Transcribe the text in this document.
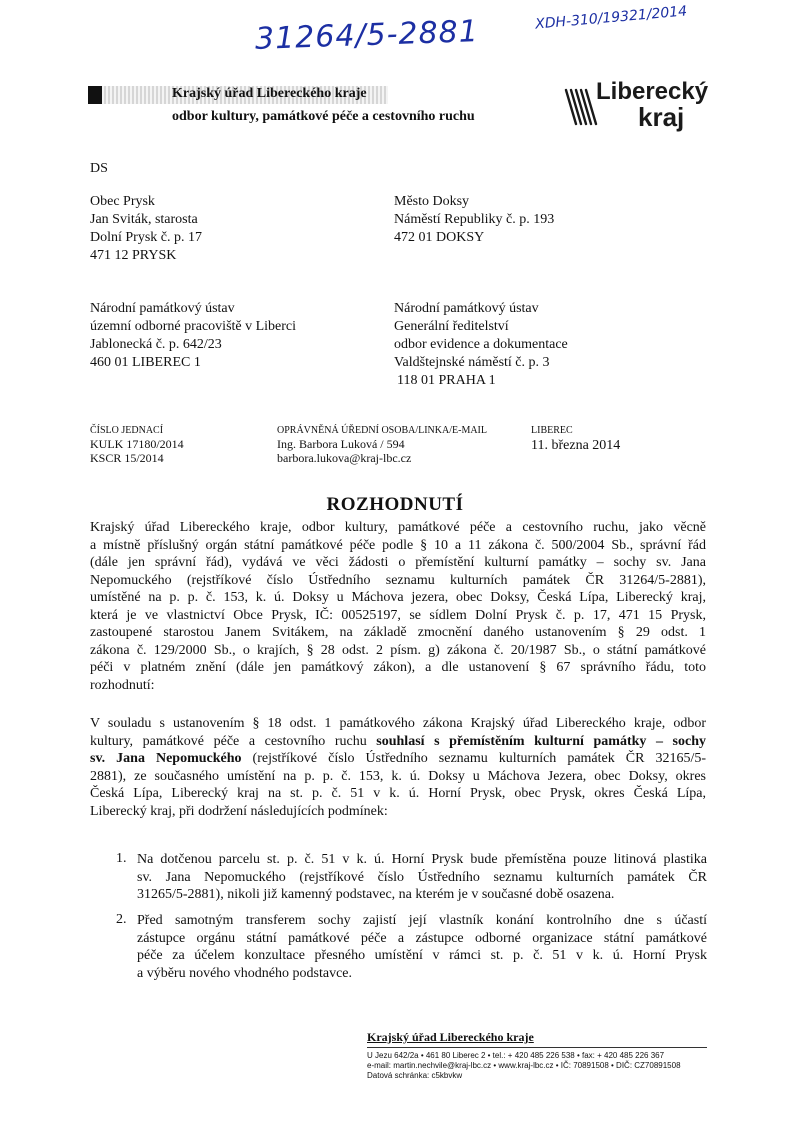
31264/5-2881	XDH-310/19321/2014
Krajský úřad Libereckého kraje
odbor kultury, památkové péče a cestovního ruchu
Liberecký
kraj
DS
Obec Prysk
Jan Sviták, starosta
Dolní Prysk č. p. 17
471 12 PRYSK
Město Doksy
Náměstí Republiky č. p. 193
472 01 DOKSY
Národní památkový ústav
územní odborné pracoviště v Liberci
Jablonecká č. p. 642/23
460 01 LIBEREC 1
Národní památkový ústav
Generální ředitelství
odbor evidence a dokumentace
Valdštejnské náměstí č. p. 3
118 01 PRAHA 1
ČÍSLO JEDNACÍ
KULK 17180/2014
KSCR 15/2014
OPRÁVNĚNÁ ÚŘEDNÍ OSOBA/LINKA/E-MAIL
Ing. Barbora Luková / 594
barbora.lukova@kraj-lbc.cz
LIBEREC
11. března 2014
ROZHODNUTÍ
Krajský úřad Libereckého kraje, odbor kultury, památkové péče a cestovního ruchu, jako věcně
a místně příslušný orgán státní památkové péče podle § 10 a 11 zákona č. 500/2004 Sb., správní řád
(dále jen správní řád), vydává ve věci žádosti o přemístění kulturní památky – sochy sv. Jana
Nepomuckého (rejstříkové číslo Ústředního seznamu kulturních památek ČR 31264/5-2881),
umístěné na p. p. č. 153, k. ú. Doksy u Máchova jezera, obec Doksy, Česká Lípa, Liberecký kraj,
která je ve vlastnictví Obce Prysk, IČ: 00525197, se sídlem Dolní Prysk č. p. 17, 471 15 Prysk,
zastoupené starostou Janem Svitákem, na základě zmocnění daného ustanovením § 29 odst. 1
zákona č. 129/2000 Sb., o krajích, § 28 odst. 2 písm. g) zákona č. 20/1987 Sb., o státní památkové
péči v platném znění (dále jen památkový zákon), a dle ustanovení § 67 správního řádu, toto
rozhodnutí:
V souladu s ustanovením § 18 odst. 1 památkového zákona Krajský úřad Libereckého kraje, odbor
kultury, památkové péče a cestovního ruchu souhlasí s přemístěním kulturní památky – sochy
sv. Jana Nepomuckého (rejstříkové číslo Ústředního seznamu kulturních památek ČR 32165/5-
2881), ze současného umístění na p. p. č. 153, k. ú. Doksy u Máchova Jezera, obec Doksy, okres
Česká Lípa, Liberecký kraj na st. p. č. 51 v k. ú. Horní Prysk, obec Prysk, okres Česká Lípa,
Liberecký kraj, při dodržení následujících podmínek:
1. Na dotčenou parcelu st. p. č. 51 v k. ú. Horní Prysk bude přemístěna pouze litinová plastika
sv. Jana Nepomuckého (rejstříkové číslo Ústředního seznamu kulturních památek ČR
31265/5-2881), nikoli již kamenný podstavec, na kterém je v současné době osazena.
2. Před samotným transferem sochy zajistí její vlastník konání kontrolního dne s účastí
zástupce orgánu státní památkové péče a zástupce odborné organizace státní památkové
péče za účelem konzultace přesného umístění v rámci st. p. č. 51 v k. ú. Horní Prysk
a výběru nového vhodného podstavce.
Krajský úřad Libereckého kraje
U Jezu 642/2a • 461 80 Liberec 2 • tel.: + 420 485 226 538 • fax: + 420 485 226 367
e-mail: martin.nechvile@kraj-lbc.cz • www.kraj-lbc.cz • IČ: 70891508 • DIČ: CZ70891508
Datová schránka: c5kbvkw
